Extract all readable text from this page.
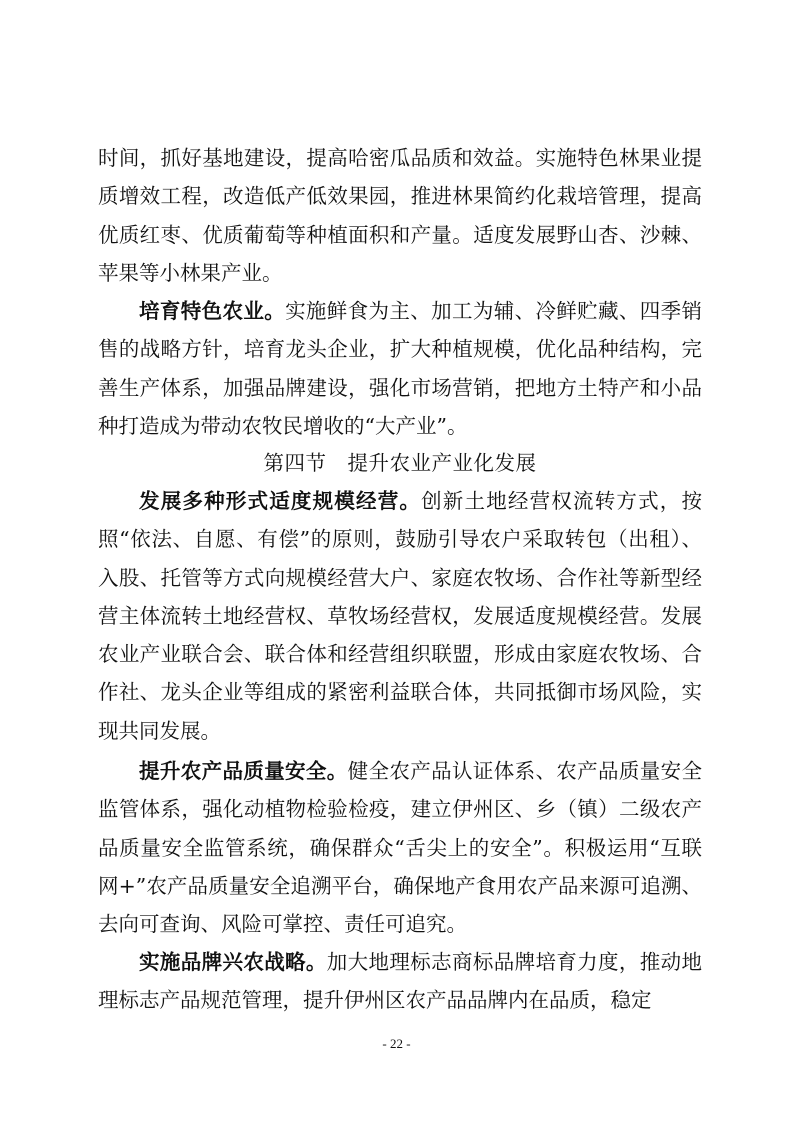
时间，抓好基地建设，提高哈密瓜品质和效益。实施特色林果业提质增效工程，改造低产低效果园，推进林果简约化栽培管理，提高优质红枣、优质葡萄等种植面积和产量。适度发展野山杏、沙棘、苹果等小林果产业。

培育特色农业。实施鲜食为主、加工为辅、冷鲜贮藏、四季销售的战略方针，培育龙头企业，扩大种植规模，优化品种结构，完善生产体系，加强品牌建设，强化市场营销，把地方土特产和小品种打造成为带动农牧民增收的“大产业”。

第四节　提升农业产业化发展

发展多种形式适度规模经营。创新土地经营权流转方式，按照“依法、自愿、有偿”的原则，鼓励引导农户采取转包（出租）、入股、托管等方式向规模经营大户、家庭农牧场、合作社等新型经营主体流转土地经营权、草牧场经营权，发展适度规模经营。发展农业产业联合会、联合体和经营组织联盟，形成由家庭农牧场、合作社、龙头企业等组成的紧密利益联合体，共同抵御市场风险，实现共同发展。

提升农产品质量安全。健全农产品认证体系、农产品质量安全监管体系，强化动植物检验检疫，建立伊州区、乡（镇）二级农产品质量安全监管系统，确保群众“舌尖上的安全”。积极运用“互联网+”农产品质量安全追溯平台，确保地产食用农产品来源可追溯、去向可查询、风险可掌控、责任可追究。

实施品牌兴农战略。加大地理标志商标品牌培育力度，推动地理标志产品规范管理，提升伊州区农产品品牌内在品质，稳定

- 22 -
